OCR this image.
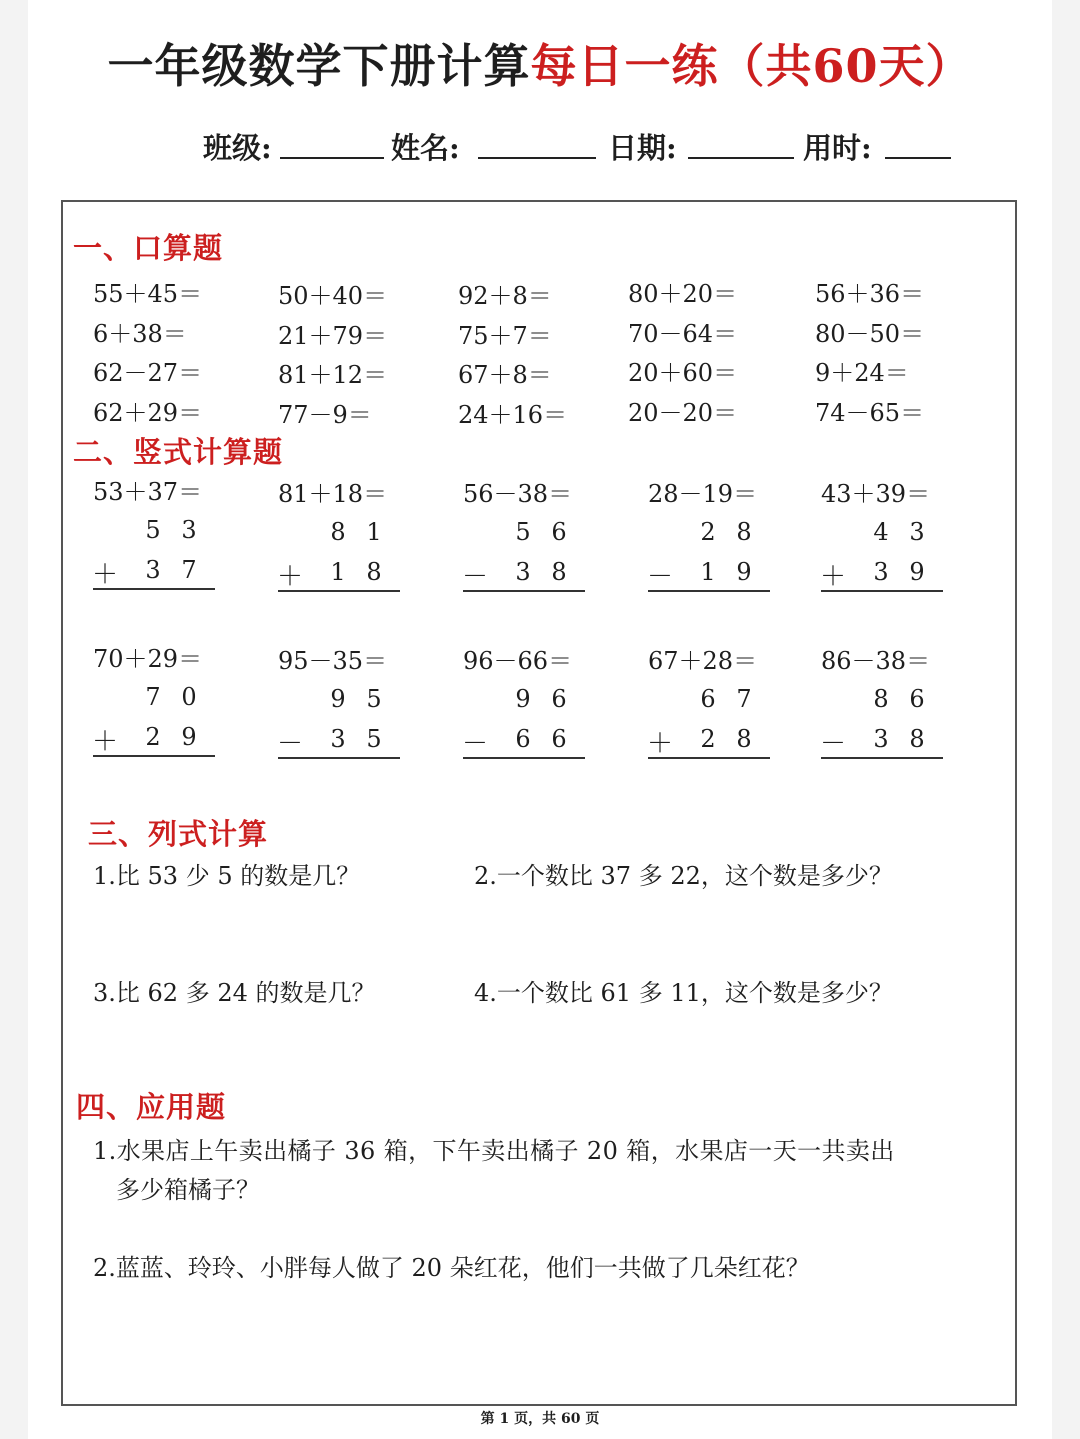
一年级数学下册计算每日一练（共60天）
班级:	姓名:	日期:	用时:
一、口算题
55＋45＝	50＋40＝	92＋8＝	80＋20＝	56＋36＝
6＋38＝	21＋79＝	75＋7＝	70－64＝	80－50＝
62－27＝	81＋12＝	67＋8＝	20＋60＝	9＋24＝
62＋29＝	77－9＝	24＋16＝	20－20＝	74－65＝
二、竖式计算题
53＋37＝
5 3
＋ 3 7
81＋18＝
8 1
＋ 1 8
56－38＝
5 6
－ 3 8
28－19＝
2 8
－ 1 9
43＋39＝
4 3
＋ 3 9
70＋29＝
7 0
＋ 2 9
95－35＝
9 5
－ 3 5
96－66＝
9 6
－ 6 6
67＋28＝
6 7
＋ 2 8
86－38＝
8 6
－ 3 8
三、列式计算
1.比 53 少 5 的数是几？	2.一个数比 37 多 22，这个数是多少？
3.比 62 多 24 的数是几？	4.一个数比 61 多 11，这个数是多少？
四、应用题
1.水果店上午卖出橘子 36 箱，下午卖出橘子 20 箱，水果店一天一共卖出
多少箱橘子？
2.蓝蓝、玲玲、小胖每人做了 20 朵红花，他们一共做了几朵红花？
第 1 页，共 60 页
